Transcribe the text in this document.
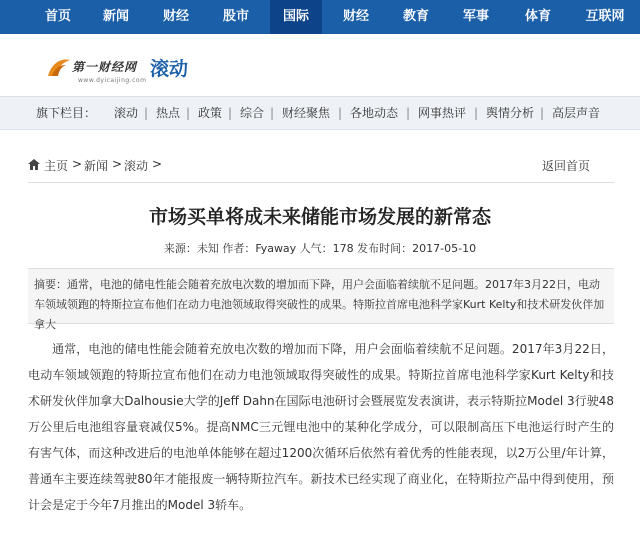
首页	新闻	财经	股市	国际	财经	教育	军事	体育	互联网
第一财经网
www.dyicaijing.com
滚动
旗下栏目： 滚动 | 热点 | 政策 | 综合 | 财经聚焦 | 各地动态 | 网事热评 | 舆情分析 | 高层声音
主页 > 新闻 > 滚动 >	返回首页
市场买单将成未来储能市场发展的新常态
来源：未知 作者：Fyaway 人气：178 发布时间：2017-05-10
摘要：通常，电池的储电性能会随着充放电次数的增加而下降，用户会面临着续航不足问题。2017年3月22日，电动车领域领跑的特斯拉宣布他们在动力电池领域取得突破性的成果。特斯拉首席电池科学家Kurt Kelty和技术研发伙伴加拿大
通常，电池的储电性能会随着充放电次数的增加而下降，用户会面临着续航不足问题。2017年3月22日，电动车领域领跑的特斯拉宣布他们在动力电池领域取得突破性的成果。特斯拉首席电池科学家Kurt Kelty和技术研发伙伴加拿大Dalhousie大学的Jeff Dahn在国际电池研讨会暨展览发表演讲，表示特斯拉Model 3行驶48万公里后电池组容量衰减仅5%。提高NMC三元锂电池中的某种化学成分，可以限制高压下电池运行时产生的有害气体，而这种改进后的电池单体能够在超过1200次循环后依然有着优秀的性能表现，以2万公里/年计算，普通车主要连续驾驶80年才能报废一辆特斯拉汽车。新技术已经实现了商业化，在特斯拉产品中得到使用，预计会是定于今年7月推出的Model 3轿车。
